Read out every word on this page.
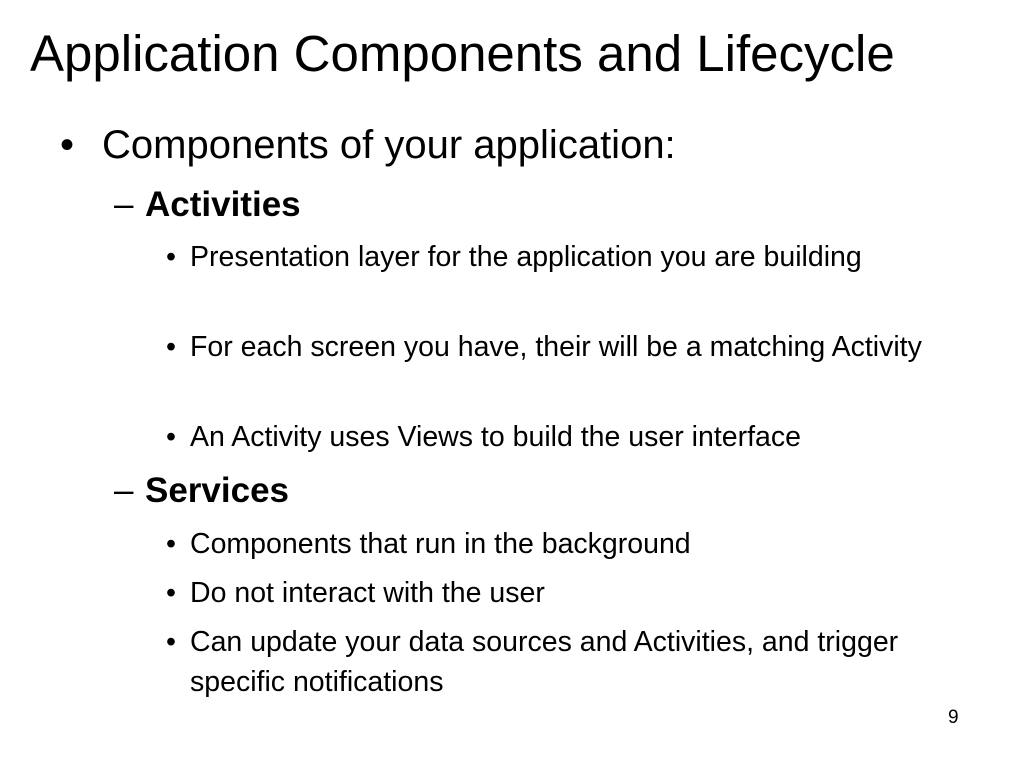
Application Components and Lifecycle
• Components of your application:
– Activities
• Presentation layer for the application you are building
• For each screen you have, their will be a matching Activity
• An Activity uses Views to build the user interface
– Services
• Components that run in the background
• Do not interact with the user
• Can update your data sources and Activities, and trigger specific notifications
9
